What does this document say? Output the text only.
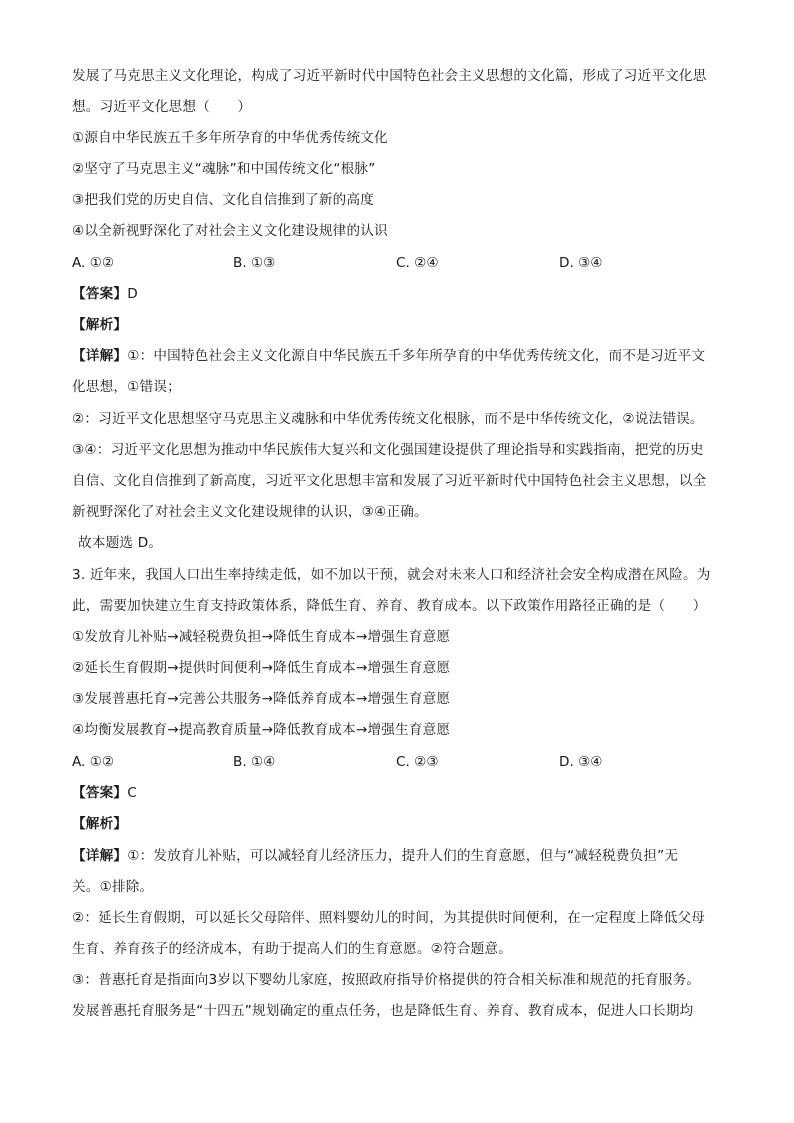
发展了马克思主义文化理论，构成了习近平新时代中国特色社会主义思想的文化篇，形成了习近平文化思
想。习近平文化思想（　　）
①源自中华民族五千多年所孕育的中华优秀传统文化
②坚守了马克思主义“魂脉”和中国传统文化“根脉”
③把我们党的历史自信、文化自信推到了新的高度
④以全新视野深化了对社会主义文化建设规律的认识
A. ①②	B. ①③	C. ②④	D. ③④
【答案】D
【解析】
【详解】①：中国特色社会主义文化源自中华民族五千多年所孕育的中华优秀传统文化，而不是习近平文
化思想，①错误；
②：习近平文化思想坚守马克思主义魂脉和中华优秀传统文化根脉，而不是中华传统文化，②说法错误。
③④：习近平文化思想为推动中华民族伟大复兴和文化强国建设提供了理论指导和实践指南，把党的历史
自信、文化自信推到了新高度，习近平文化思想丰富和发展了习近平新时代中国特色社会主义思想，以全
新视野深化了对社会主义文化建设规律的认识，③④正确。
故本题选 D。
3. 近年来，我国人口出生率持续走低，如不加以干预，就会对未来人口和经济社会安全构成潜在风险。为
此，需要加快建立生育支持政策体系，降低生育、养育、教育成本。以下政策作用路径正确的是（　　）
①发放育儿补贴→减轻税费负担→降低生育成本→增强生育意愿
②延长生育假期→提供时间便利→降低生育成本→增强生育意愿
③发展普惠托育→完善公共服务→降低养育成本→增强生育意愿
④均衡发展教育→提高教育质量→降低教育成本→增强生育意愿
A. ①②	B. ①④	C. ②③	D. ③④
【答案】C
【解析】
【详解】①：发放育儿补贴，可以减轻育儿经济压力，提升人们的生育意愿，但与“减轻税费负担”无
关。①排除。
②：延长生育假期，可以延长父母陪伴、照料婴幼儿的时间，为其提供时间便利，在一定程度上降低父母
生育、养育孩子的经济成本，有助于提高人们的生育意愿。②符合题意。
③：普惠托育是指面向3岁以下婴幼儿家庭，按照政府指导价格提供的符合相关标准和规范的托育服务。
发展普惠托育服务是“十四五”规划确定的重点任务，也是降低生育、养育、教育成本，促进人口长期均
